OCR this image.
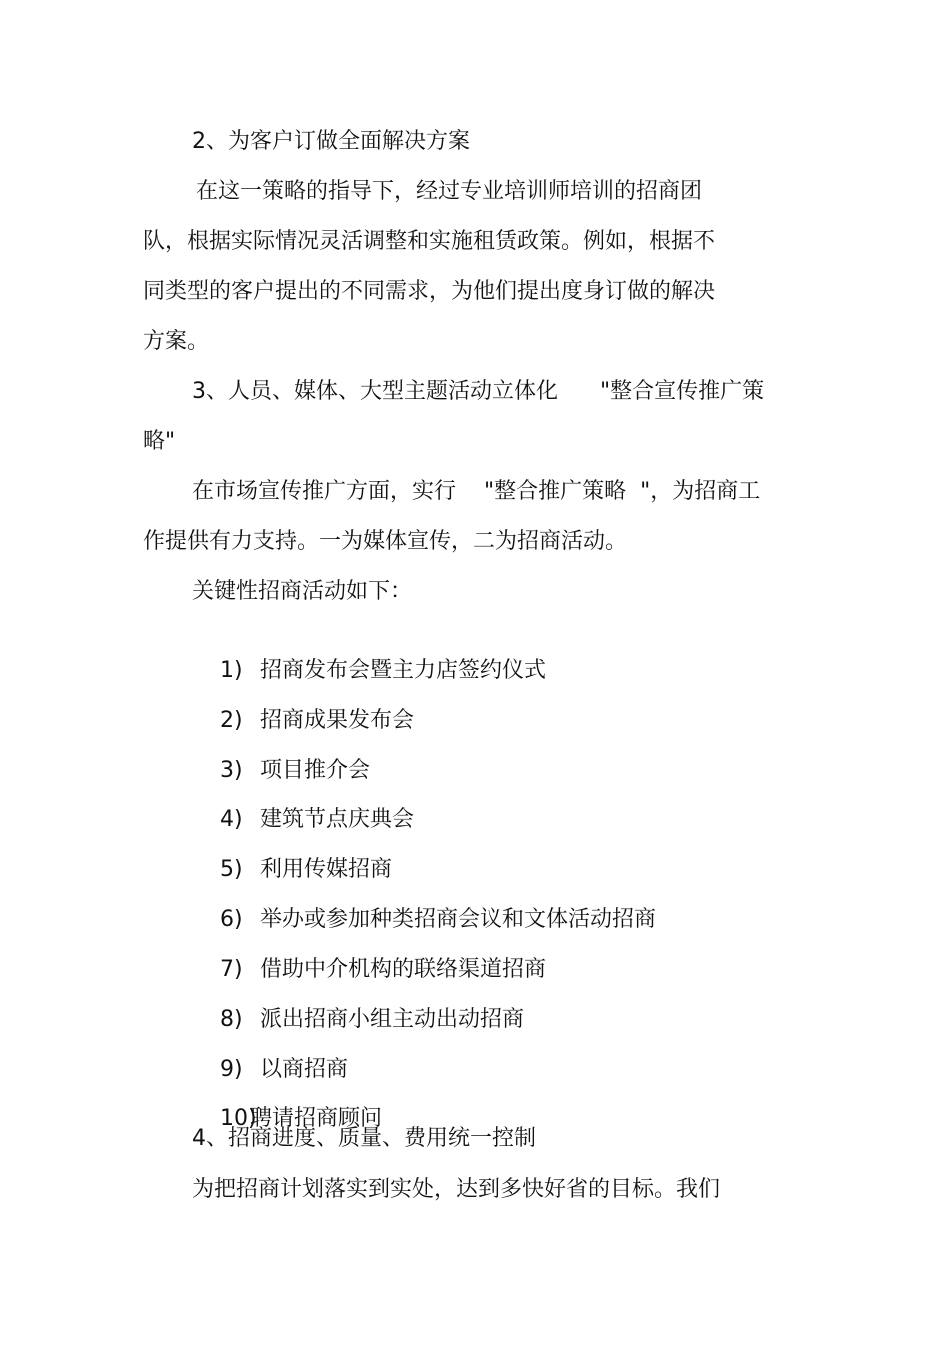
2、为客户订做全面解决方案
在这一策略的指导下，经过专业培训师培训的招商团
队，根据实际情况灵活调整和实施租赁政策。例如，根据不
同类型的客户提出的不同需求，为他们提出度身订做的解决
方案。
3、人员、媒体、大型主题活动立体化      "整合宣传推广策
略"
在市场宣传推广方面，实行    "整合推广策略  "，为招商工
作提供有力支持。一为媒体宣传，二为招商活动。
关键性招商活动如下：

1) 招商发布会暨主力店签约仪式

2) 招商成果发布会

3) 项目推介会

4) 建筑节点庆典会

5) 利用传媒招商

6) 举办或参加种类招商会议和文体活动招商

7) 借助中介机构的联络渠道招商

8) 派出招商小组主动出动招商

9) 以商招商

10)聘请招商顾问

4、招商进度、质量、费用统一控制
为把招商计划落实到实处，达到多快好省的目标。我们
